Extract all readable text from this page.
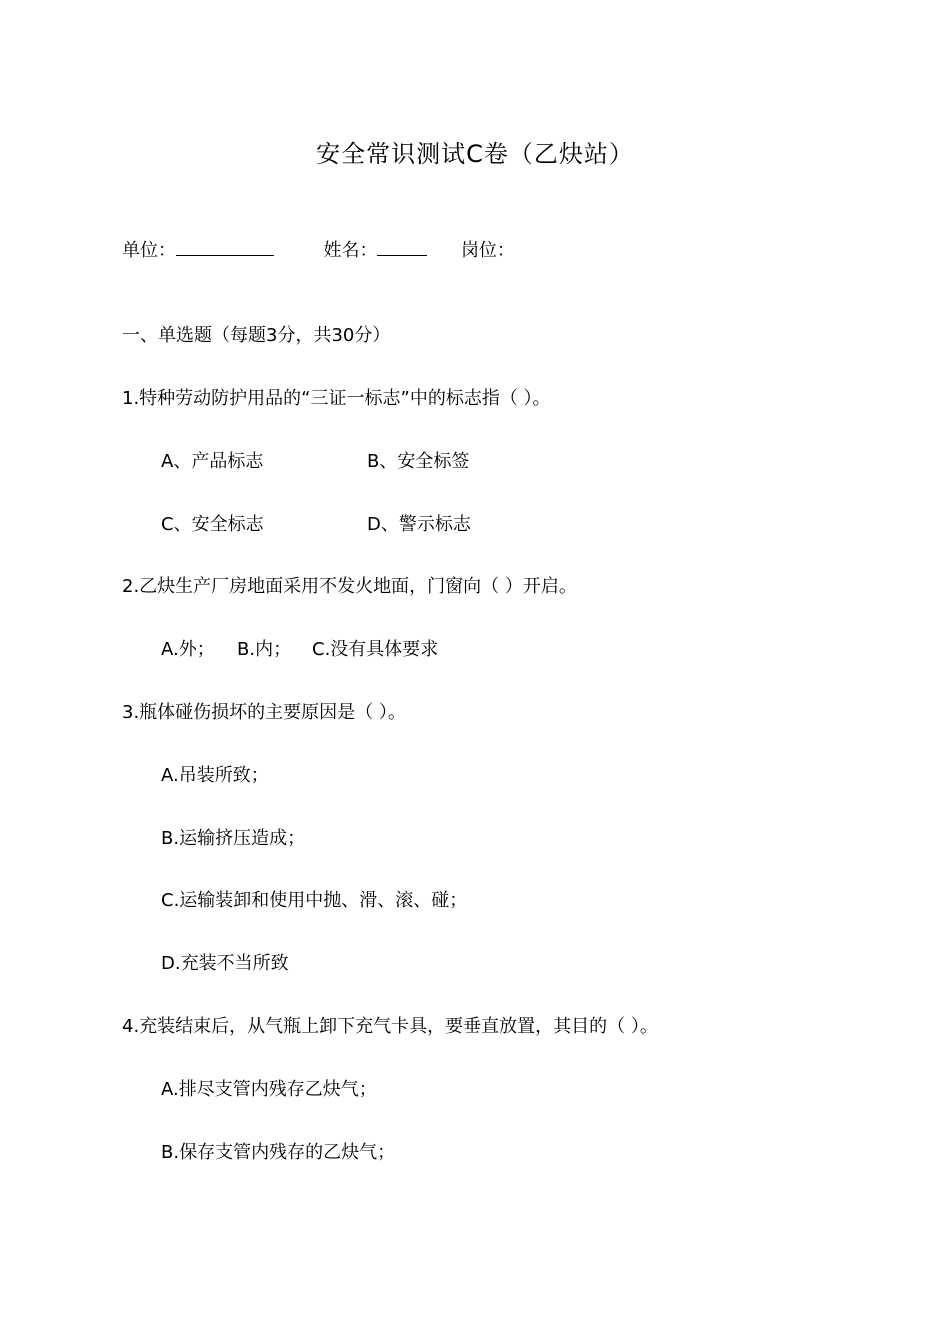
安全常识测试C卷（乙炔站）
单位：	姓名：	岗位：
一、单选题（每题3分，共30分）
1.特种劳动防护用品的“三证一标志”中的标志指（ ）。
A、产品标志	B、安全标签
C、安全标志	D、警示标志
2.乙炔生产厂房地面采用不发火地面，门窗向（ ）开启。
A.外； B.内； C.没有具体要求
3.瓶体碰伤损坏的主要原因是（ ）。
A.吊装所致；
B.运输挤压造成；
C.运输装卸和使用中抛、滑、滚、碰；
D.充装不当所致
4.充装结束后，从气瓶上卸下充气卡具，要垂直放置，其目的（ ）。
A.排尽支管内残存乙炔气；
B.保存支管内残存的乙炔气；
